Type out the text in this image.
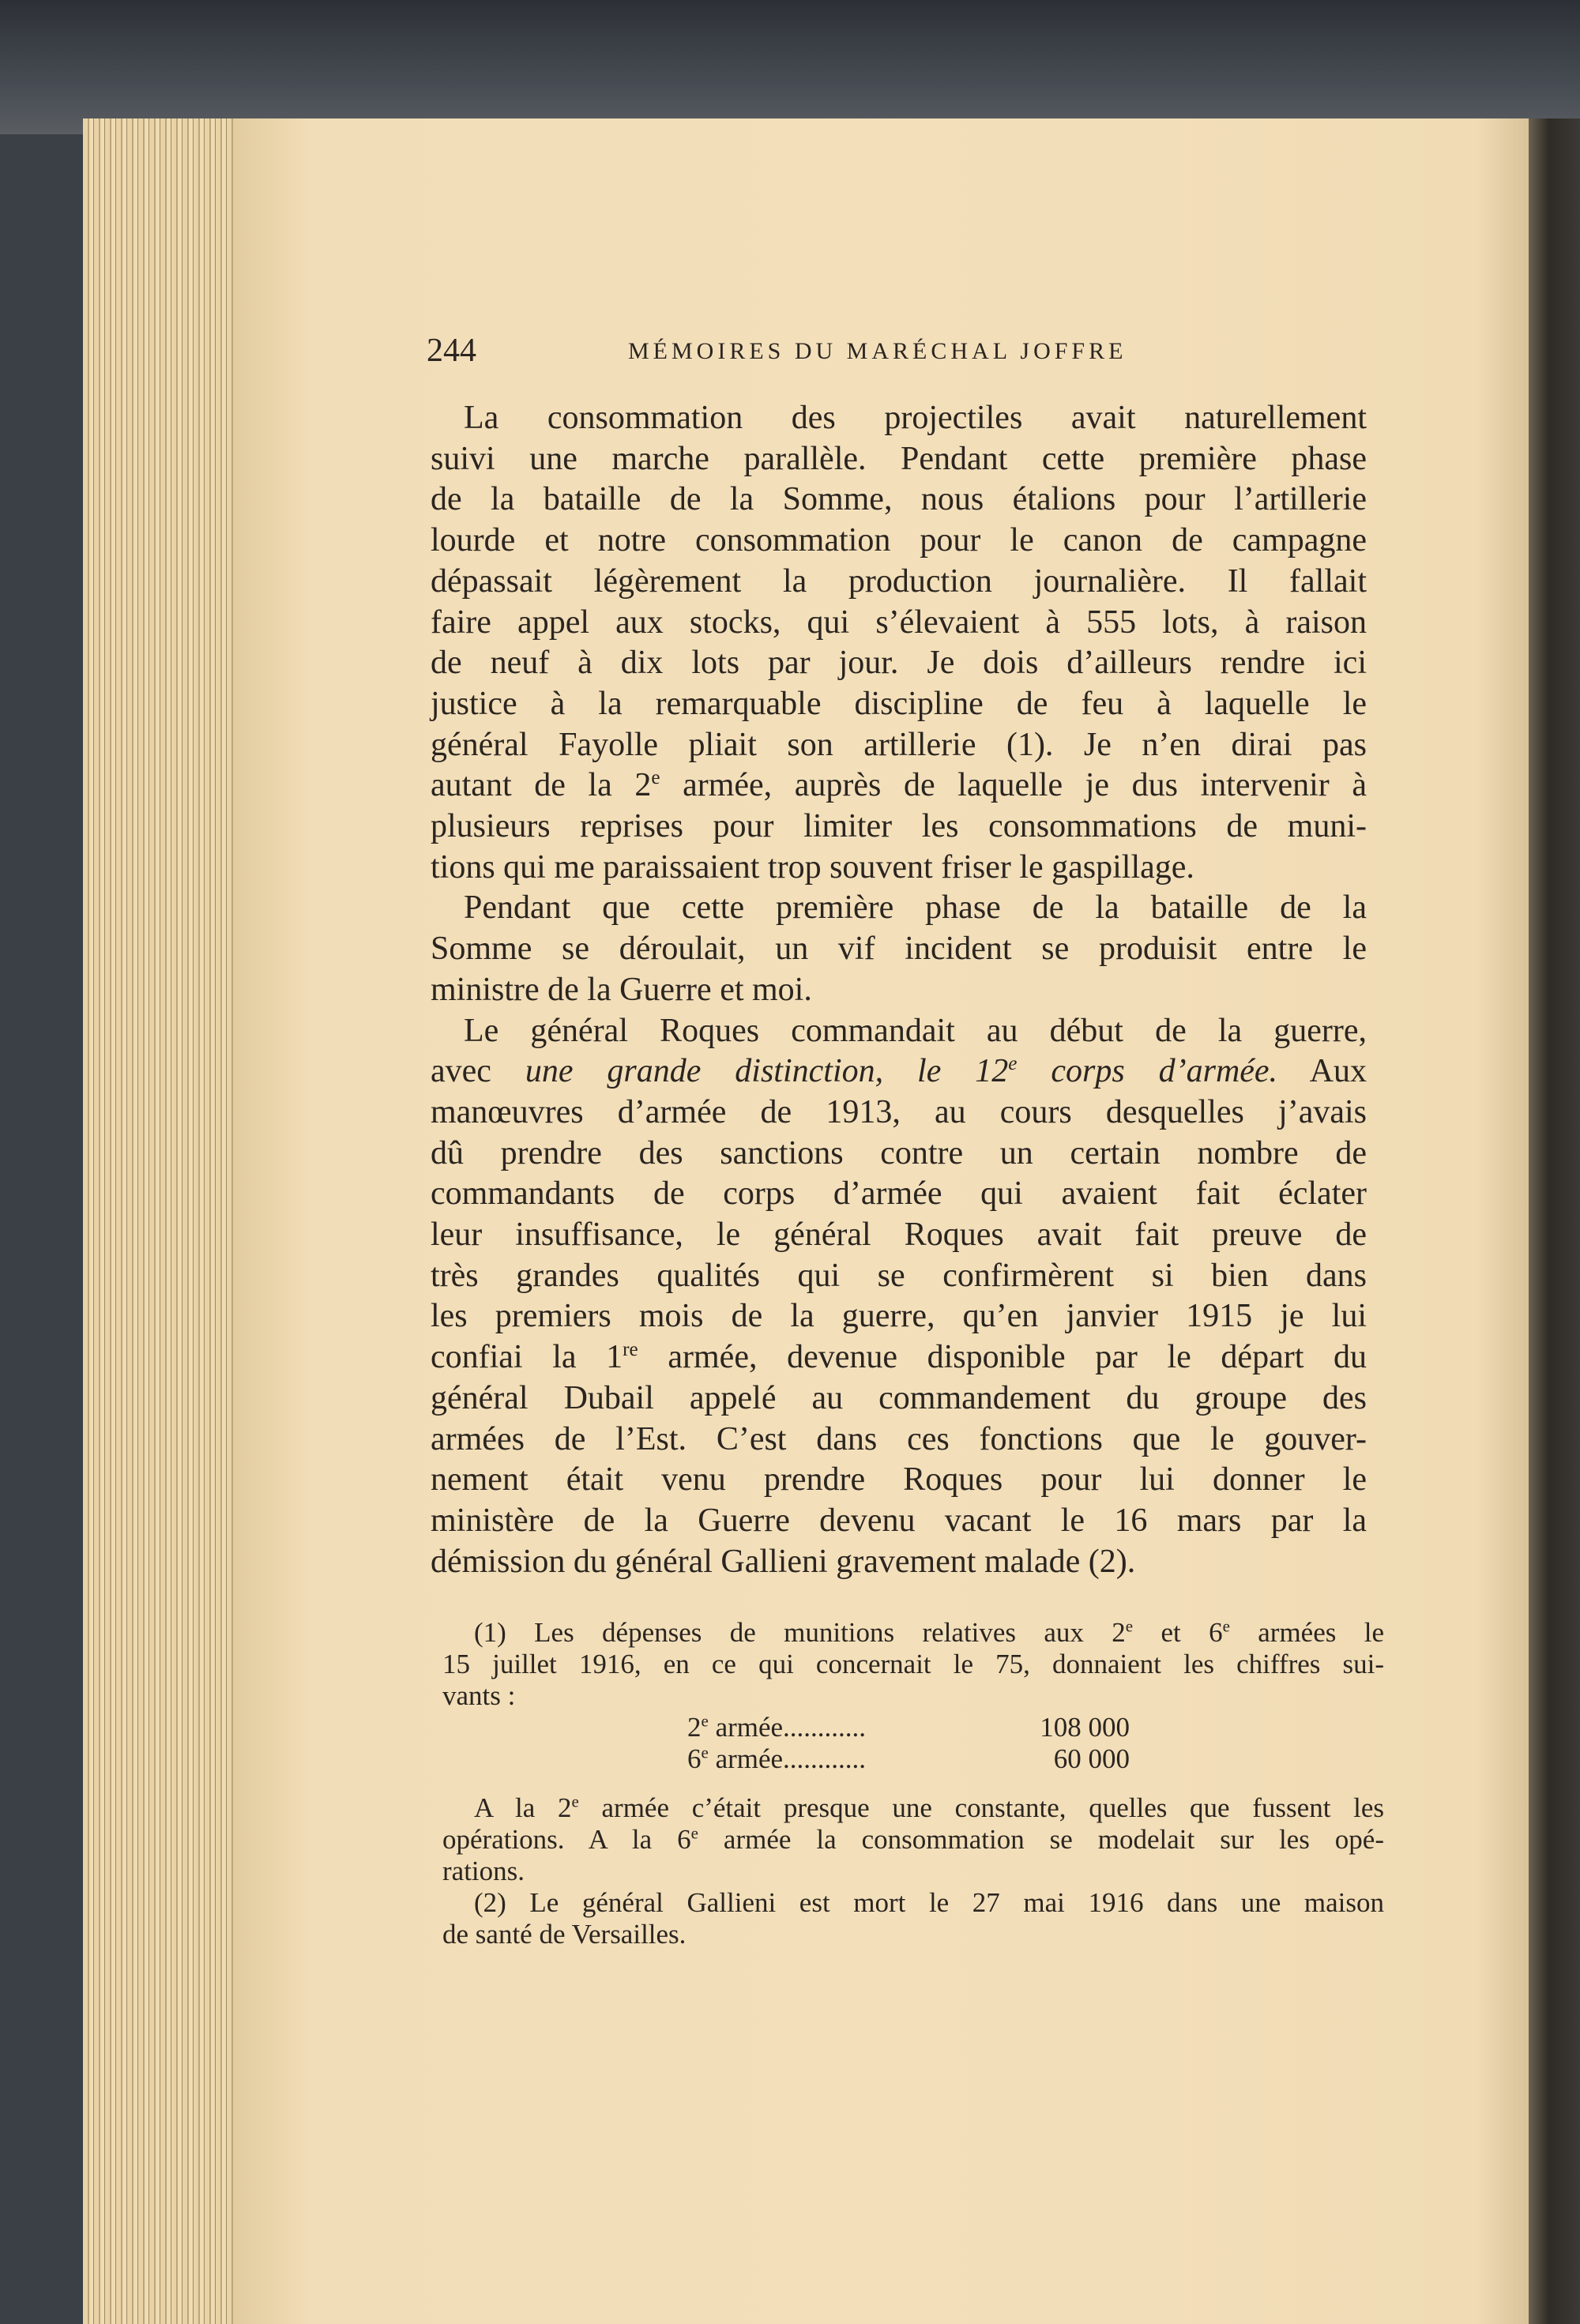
244	MÉMOIRES DU MARÉCHAL JOFFRE
La consommation des projectiles avait naturellement
suivi une marche parallèle. Pendant cette première phase
de la bataille de la Somme, nous étalions pour l’artillerie
lourde et notre consommation pour le canon de campagne
dépassait légèrement la production journalière. Il fallait
faire appel aux stocks, qui s’élevaient à 555 lots, à raison
de neuf à dix lots par jour. Je dois d’ailleurs rendre ici
justice à la remarquable discipline de feu à laquelle le
général Fayolle pliait son artillerie (1). Je n’en dirai pas
autant de la 2e armée, auprès de laquelle je dus intervenir à
plusieurs reprises pour limiter les consommations de muni-
tions qui me paraissaient trop souvent friser le gaspillage.
Pendant que cette première phase de la bataille de la
Somme se déroulait, un vif incident se produisit entre le
ministre de la Guerre et moi.
Le général Roques commandait au début de la guerre,
avec une grande distinction, le 12e corps d’armée. Aux
manœuvres d’armée de 1913, au cours desquelles j’avais
dû prendre des sanctions contre un certain nombre de
commandants de corps d’armée qui avaient fait éclater
leur insuffisance, le général Roques avait fait preuve de
très grandes qualités qui se confirmèrent si bien dans
les premiers mois de la guerre, qu’en janvier 1915 je lui
confiai la 1re armée, devenue disponible par le départ du
général Dubail appelé au commandement du groupe des
armées de l’Est. C’est dans ces fonctions que le gouver-
nement était venu prendre Roques pour lui donner le
ministère de la Guerre devenu vacant le 16 mars par la
démission du général Gallieni gravement malade (2).
(1) Les dépenses de munitions relatives aux 2e et 6e armées le
15 juillet 1916, en ce qui concernait le 75, donnaient les chiffres sui-
vants :
2e armée............	108 000
6e armée............	60 000
A la 2e armée c’était presque une constante, quelles que fussent les
opérations. A la 6e armée la consommation se modelait sur les opé-
rations.
(2) Le général Gallieni est mort le 27 mai 1916 dans une maison
de santé de Versailles.
